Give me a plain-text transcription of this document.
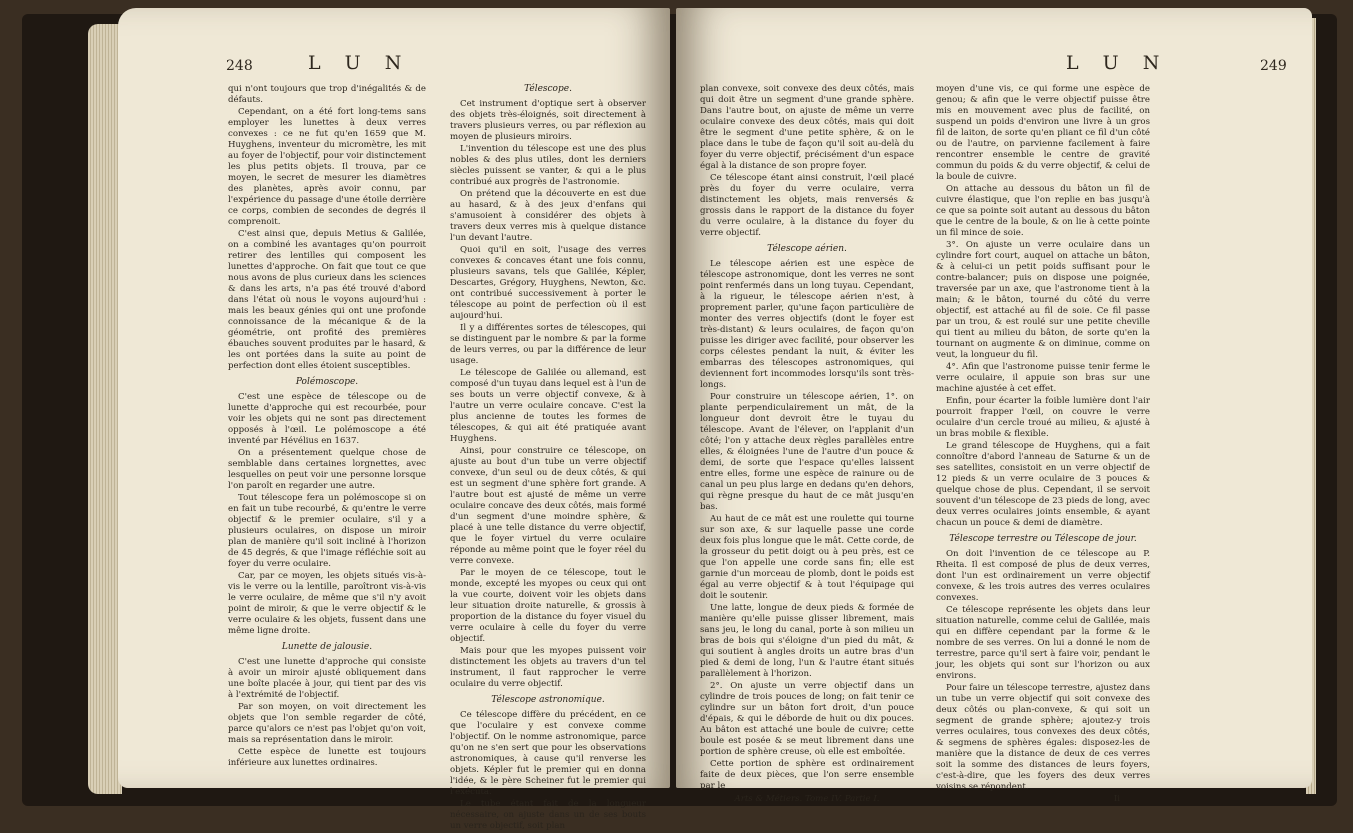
248	L U N

qui n'ont toujours que trop d'inégalités & de défauts.

Cependant, on a été fort long-tems sans employer les lunettes à deux verres convexes : ce ne fut qu'en 1659 que M. Huyghens, inventeur du micromètre, les mit au foyer de l'objectif, pour voir distinctement les plus petits objets. Il trouva, par ce moyen, le secret de mesurer les diamètres des planètes, après avoir connu, par l'expérience du passage d'une étoile derrière ce corps, combien de secondes de degrés il comprenoit.

C'est ainsi que, depuis Metius & Galilée, on a combiné les avantages qu'on pourroit retirer des lentilles qui composent les lunettes d'approche. On fait que tout ce que nous avons de plus curieux dans les sciences & dans les arts, n'a pas été trouvé d'abord dans l'état où nous le voyons aujourd'hui : mais les beaux génies qui ont une profonde connoissance de la mécanique & de la géométrie, ont profité des premières ébauches souvent produites par le hasard, & les ont portées dans la suite au point de perfection dont elles étoient susceptibles.

Polémoscope.

C'est une espèce de télescope ou de lunette d'approche qui est recourbée, pour voir les objets qui ne sont pas directement opposés à l'œil. Le polémoscope a été inventé par Hévélius en 1637.

On a présentement quelque chose de semblable dans certaines lorgnettes, avec lesquelles on peut voir une personne lorsque l'on paroît en regarder une autre.

Tout télescope fera un polémoscope si on en fait un tube recourbé, & qu'entre le verre objectif & le premier oculaire, s'il y a plusieurs oculaires, on dispose un miroir plan de manière qu'il soit incliné à l'horizon de 45 degrés, & que l'image réfléchie soit au foyer du verre oculaire.

Car, par ce moyen, les objets situés vis-à-vis le verre ou la lentille, paroîtront vis-à-vis le verre oculaire, de même que s'il n'y avoit point de miroir, & que le verre objectif & le verre oculaire & les objets, fussent dans une même ligne droite.

Lunette de jalousie.

C'est une lunette d'approche qui consiste à avoir un miroir ajusté obliquement dans une boîte placée à jour, qui tient par des vis à l'extrémité de l'objectif.

Par son moyen, on voit directement les objets que l'on semble regarder de côté, parce qu'alors ce n'est pas l'objet qu'on voit, mais sa représentation dans le miroir.

Cette espèce de lunette est toujours inférieure aux lunettes ordinaires.

Télescope.

Cet instrument d'optique sert à observer des objets très-éloignés, soit directement à travers plusieurs verres, ou par réflexion au moyen de plusieurs miroirs.

L'invention du télescope est une des plus nobles & des plus utiles, dont les derniers siècles puissent se vanter, & qui a le plus contribué aux progrès de l'astronomie.

On prétend que la découverte en est due au hasard, & à des jeux d'enfans qui s'amusoient à considérer des objets à travers deux verres mis à quelque distance l'un devant l'autre.

Quoi qu'il en soit, l'usage des verres convexes & concaves étant une fois connu, plusieurs savans, tels que Galilée, Képler, Descartes, Grégory, Huyghens, Newton, &c. ont contribué successivement à porter le télescope au point de perfection où il est aujourd'hui.

Il y a différentes sortes de télescopes, qui se distinguent par le nombre & par la forme de leurs verres, ou par la différence de leur usage.

Le télescope de Galilée ou allemand, est composé d'un tuyau dans lequel est à l'un de ses bouts un verre objectif convexe, & à l'autre un verre oculaire concave. C'est la plus ancienne de toutes les formes de télescopes, & qui ait été pratiquée avant Huyghens.

Ainsi, pour construire ce télescope, on ajuste au bout d'un tube un verre objectif convexe, d'un seul ou de deux côtés, & qui est un segment d'une sphère fort grande. A l'autre bout est ajusté de même un verre oculaire concave des deux côtés, mais formé d'un segment d'une moindre sphère, & placé à une telle distance du verre objectif, que le foyer virtuel du verre oculaire réponde au même point que le foyer réel du verre convexe.

Par le moyen de ce télescope, tout le monde, excepté les myopes ou ceux qui ont la vue courte, doivent voir les objets dans leur situation droite naturelle, & grossis à proportion de la distance du foyer visuel du verre oculaire à celle du foyer du verre objectif.

Mais pour que les myopes puissent voir distinctement les objets au travers d'un tel instrument, il faut rapprocher le verre oculaire du verre objectif.

Télescope astronomique.

Ce télescope diffère du précédent, en ce que l'oculaire y est convexe comme l'objectif. On le nomme astronomique, parce qu'on ne s'en sert que pour les observations astronomiques, à cause qu'il renverse les objets. Képler fut le premier qui en donna l'idée, & le père Scheiner fut le premier qui l'exécuta.

Le tube étant fait de la longueur nécessaire, on ajuste dans un de ses bouts un verre objectif, soit plan

L U N	249

plan convexe, soit convexe des deux côtés, mais qui doit être un segment d'une grande sphère. Dans l'autre bout, on ajuste de même un verre oculaire convexe des deux côtés, mais qui doit être le segment d'une petite sphère, & on le place dans le tube de façon qu'il soit au-delà du foyer du verre objectif, précisément d'un espace égal à la distance de son propre foyer.

Ce télescope étant ainsi construit, l'œil placé près du foyer du verre oculaire, verra distinctement les objets, mais renversés & grossis dans le rapport de la distance du foyer du verre oculaire, à la distance du foyer du verre objectif.

Télescope aérien.

Le télescope aérien est une espèce de télescope astronomique, dont les verres ne sont point renfermés dans un long tuyau. Cependant, à la rigueur, le télescope aérien n'est, à proprement parler, qu'une façon particulière de monter des verres objectifs (dont le foyer est très-distant) & leurs oculaires, de façon qu'on puisse les diriger avec facilité, pour observer les corps célestes pendant la nuit, & éviter les embarras des télescopes astronomiques, qui deviennent fort incommodes lorsqu'ils sont très-longs.

Pour construire un télescope aérien, 1°. on plante perpendiculairement un mât, de la longueur dont devroit être le tuyau du télescope. Avant de l'élever, on l'applanit d'un côté; l'on y attache deux règles parallèles entre elles, & éloignées l'une de l'autre d'un pouce & demi, de sorte que l'espace qu'elles laissent entre elles, forme une espèce de rainure ou de canal un peu plus large en dedans qu'en dehors, qui règne presque du haut de ce mât jusqu'en bas.

Au haut de ce mât est une roulette qui tourne sur son axe, & sur laquelle passe une corde deux fois plus longue que le mât. Cette corde, de la grosseur du petit doigt ou à peu près, est ce que l'on appelle une corde sans fin; elle est garnie d'un morceau de plomb, dont le poids est égal au verre objectif & à tout l'équipage qui doit le soutenir.

Une latte, longue de deux pieds & formée de manière qu'elle puisse glisser librement, mais sans jeu, le long du canal, porte à son milieu un bras de bois qui s'éloigne d'un pied du mât, & qui soutient à angles droits un autre bras d'un pied & demi de long, l'un & l'autre étant situés parallèlement à l'horizon.

2°. On ajuste un verre objectif dans un cylindre de trois pouces de long; on fait tenir ce cylindre sur un bâton fort droit, d'un pouce d'épais, & qui le déborde de huit ou dix pouces. Au bâton est attaché une boule de cuivre; cette boule est posée & se meut librement dans une portion de sphère creuse, où elle est emboîtée.

Cette portion de sphère est ordinairement faite de deux pièces, que l'on serre ensemble par le

Arts & Métiers. Tome IV. Partie I.

moyen d'une vis, ce qui forme une espèce de genou; & afin que le verre objectif puisse être mis en mouvement avec plus de facilité, on suspend un poids d'environ une livre à un gros fil de laiton, de sorte qu'en pliant ce fil d'un côté ou de l'autre, on parvienne facilement à faire rencontrer ensemble le centre de gravité commun du poids & du verre objectif, & celui de la boule de cuivre.

On attache au dessous du bâton un fil de cuivre élastique, que l'on replie en bas jusqu'à ce que sa pointe soit autant au dessous du bâton que le centre de la boule, & on lie à cette pointe un fil mince de soie.

3°. On ajuste un verre oculaire dans un cylindre fort court, auquel on attache un bâton, & à celui-ci un petit poids suffisant pour le contre-balancer; puis on dispose une poignée, traversée par un axe, que l'astronome tient à la main; & le bâton, tourné du côté du verre objectif, est attaché au fil de soie. Ce fil passe par un trou, & est roulé sur une petite cheville qui tient au milieu du bâton, de sorte qu'en la tournant on augmente & on diminue, comme on veut, la longueur du fil.

4°. Afin que l'astronome puisse tenir ferme le verre oculaire, il appuie son bras sur une machine ajustée à cet effet.

Enfin, pour écarter la foible lumière dont l'air pourroit frapper l'œil, on couvre le verre oculaire d'un cercle troué au milieu, & ajusté à un bras mobile & flexible.

Le grand télescope de Huyghens, qui a fait connoître d'abord l'anneau de Saturne & un de ses satellites, consistoit en un verre objectif de 12 pieds & un verre oculaire de 3 pouces & quelque chose de plus. Cependant, il se servoit souvent d'un télescope de 23 pieds de long, avec deux verres oculaires joints ensemble, & ayant chacun un pouce & demi de diamètre.

Télescope terrestre ou Télescope de jour.

On doit l'invention de ce télescope au P. Rheita. Il est composé de plus de deux verres, dont l'un est ordinairement un verre objectif convexe, & les trois autres des verres oculaires convexes.

Ce télescope représente les objets dans leur situation naturelle, comme celui de Galilée, mais qui en diffère cependant par la forme & le nombre de ses verres. On lui a donné le nom de terrestre, parce qu'il sert à faire voir, pendant le jour, les objets qui sont sur l'horizon ou aux environs.

Pour faire un télescope terrestre, ajustez dans un tube un verre objectif qui soit convexe des deux côtés ou plan-convexe, & qui soit un segment de grande sphère; ajoutez-y trois verres oculaires, tous convexes des deux côtés, & segmens de sphères égales: disposez-les de manière que la distance de deux de ces verres soit la somme des distances de leurs foyers, c'est-à-dire, que les foyers des deux verres voisins se répondent.

Ii
